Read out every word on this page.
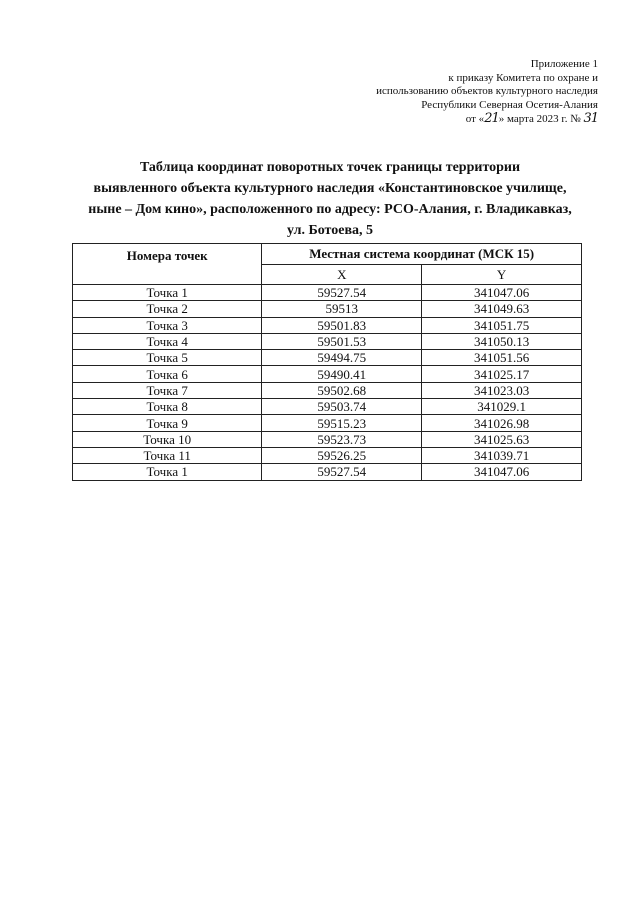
Приложение 1
к приказу Комитета по охране и
использованию объектов культурного наследия
Республики Северная Осетия-Алания
от «21» марта 2023 г. № 31
Таблица координат поворотных точек границы территории
выявленного объекта культурного наследия «Константиновское училище,
ныне – Дом кино», расположенного по адресу: РСО-Алания, г. Владикавказ,
ул. Ботоева, 5
Номера точек	Местная система координат (МСК 15)	
	X	Y
Точка 1	59527.54	341047.06
Точка 2	59513	341049.63
Точка 3	59501.83	341051.75
Точка 4	59501.53	341050.13
Точка 5	59494.75	341051.56
Точка 6	59490.41	341025.17
Точка 7	59502.68	341023.03
Точка 8	59503.74	341029.1
Точка 9	59515.23	341026.98
Точка 10	59523.73	341025.63
Точка 11	59526.25	341039.71
Точка 1	59527.54	341047.06
